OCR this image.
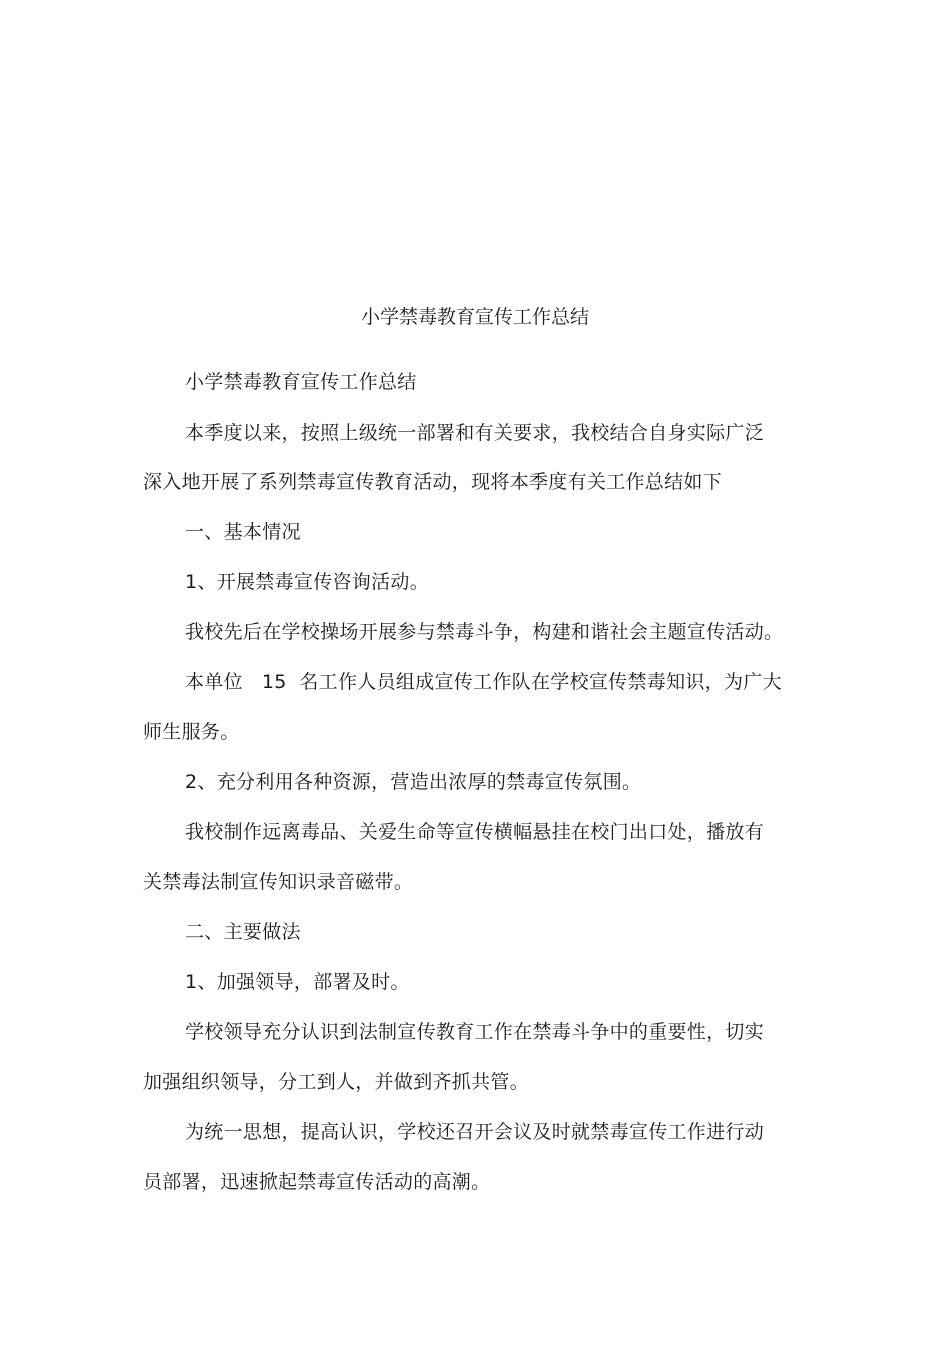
小学禁毒教育宣传工作总结
小学禁毒教育宣传工作总结
本季度以来，按照上级统一部署和有关要求，我校结合自身实际广泛
深入地开展了系列禁毒宣传教育活动，现将本季度有关工作总结如下
一、基本情况
1、开展禁毒宣传咨询活动。
我校先后在学校操场开展参与禁毒斗争，构建和谐社会主题宣传活动。
本单位   15  名工作人员组成宣传工作队在学校宣传禁毒知识，为广大
师生服务。
2、充分利用各种资源，营造出浓厚的禁毒宣传氛围。
我校制作远离毒品、关爱生命等宣传横幅悬挂在校门出口处，播放有
关禁毒法制宣传知识录音磁带。
二、主要做法
1、加强领导，部署及时。
学校领导充分认识到法制宣传教育工作在禁毒斗争中的重要性，切实
加强组织领导，分工到人，并做到齐抓共管。
为统一思想，提高认识，学校还召开会议及时就禁毒宣传工作进行动
员部署，迅速掀起禁毒宣传活动的高潮。
